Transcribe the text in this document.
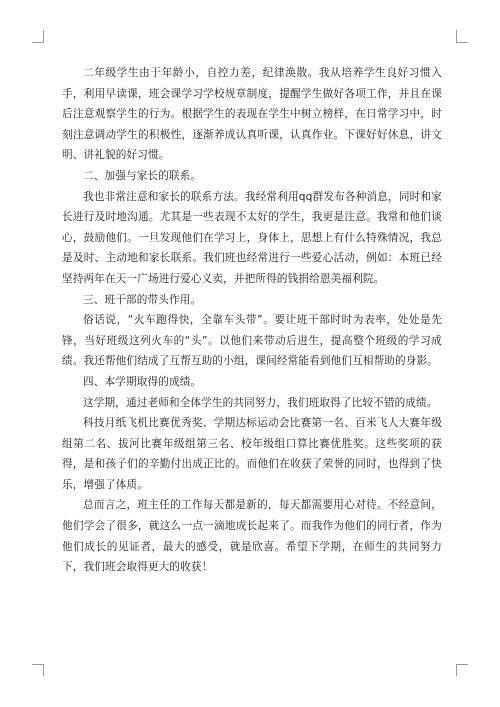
二年级学生由于年龄小，自控力差，纪律涣散。我从培养学生良好习惯入手，利用早读课，班会课学习学校规章制度，提醒学生做好各项工作，并且在课后注意观察学生的行为。根据学生的表现在学生中树立榜样，在日常学习中，时刻注意调动学生的积极性，逐渐养成认真听课，认真作业。下课好好休息，讲文明、讲礼貌的好习惯。

二、加强与家长的联系。

我也非常注意和家长的联系方法。我经常利用qq群发布各种消息，同时和家长进行及时地沟通。尤其是一些表现不太好的学生，我更是注意。我常和他们谈心，鼓励他们。一旦发现他们在学习上，身体上，思想上有什么特殊情况，我总是及时、主动地和家长联系。我们班也经常进行一些爱心活动，例如：本班已经坚持两年在天一广场进行爱心义卖，并把所得的钱捐给恩美福利院。

三、班干部的带头作用。

俗话说，“火车跑得快，全靠车头带”。要让班干部时时为表率，处处是先锋，当好班级这列火车的“头”。以他们来带动后进生，提高整个班级的学习成绩。我还帮他们结成了互帮互助的小组，课间经常能看到他们互相帮助的身影。

四、本学期取得的成绩。

这学期，通过老师和全体学生的共同努力，我们班取得了比较不错的成绩。

科技月纸飞机比赛优秀奖、学期达标运动会比赛第一名、百米飞人大赛年级组第二名、拔河比赛年级组第三名、校年级组口算比赛优胜奖。这些奖项的获得，是和孩子们的辛勤付出成正比的。而他们在收获了荣誉的同时，也得到了快乐，增强了体质。

总而言之，班主任的工作每天都是新的，每天都需要用心对待。不经意间，他们学会了很多，就这么一点一滴地成长起来了。而我作为他们的同行者，作为他们成长的见证者，最大的感受，就是欣喜。希望下学期，在师生的共同努力下，我们班会取得更大的收获！
